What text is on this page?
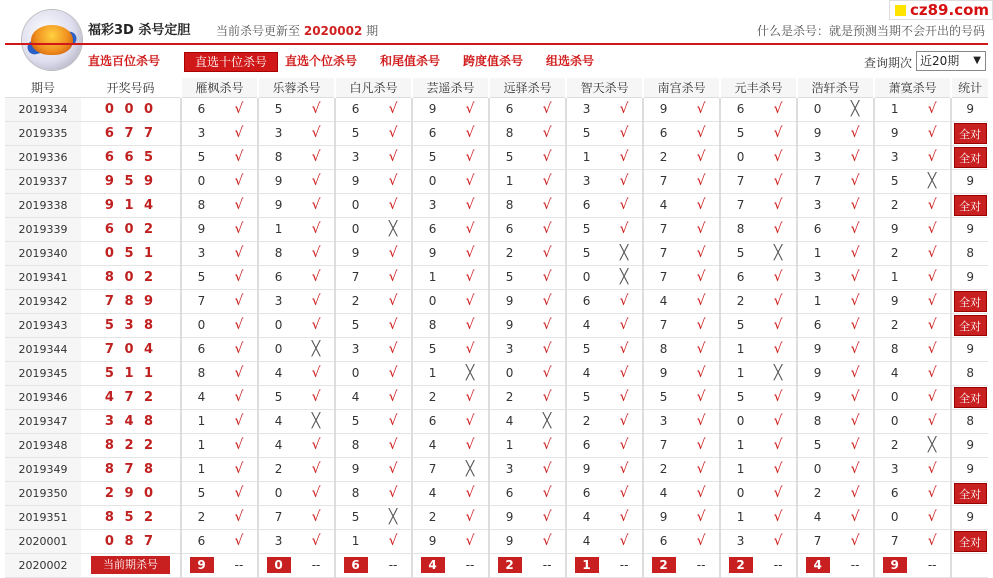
福彩3D 杀号定胆 当前杀号更新至 2020002 期
cz89.com
什么是杀号：就是预测当期不会开出的号码
直选百位杀号	直选十位杀号	直选个位杀号 和尾值杀号 跨度值杀号 组选杀号	查询期次 近20期 ▼
期号	开奖号码	雁枫杀号		乐蓉杀号		白凡杀号		芸遥杀号		远驿杀号		智天杀号		南宫杀号		元丰杀号		浩轩杀号		萧寞杀号		统计
2019334	0 0 0	6	√	5	√	6	√	9	√	6	√	3	√	9	√	6	√	0	╳	1	√	9
2019335	6 7 7	3	√	3	√	5	√	6	√	8	√	5	√	6	√	5	√	9	√	9	√	全对
2019336	6 6 5	5	√	8	√	3	√	5	√	5	√	1	√	2	√	0	√	3	√	3	√	全对
2019337	9 5 9	0	√	9	√	9	√	0	√	1	√	3	√	7	√	7	√	7	√	5	╳	9
2019338	9 1 4	8	√	9	√	0	√	3	√	8	√	6	√	4	√	7	√	3	√	2	√	全对
2019339	6 0 2	9	√	1	√	0	╳	6	√	6	√	5	√	7	√	8	√	6	√	9	√	9
2019340	0 5 1	3	√	8	√	9	√	9	√	2	√	5	╳	7	√	5	╳	1	√	2	√	8
2019341	8 0 2	5	√	6	√	7	√	1	√	5	√	0	╳	7	√	6	√	3	√	1	√	9
2019342	7 8 9	7	√	3	√	2	√	0	√	9	√	6	√	4	√	2	√	1	√	9	√	全对
2019343	5 3 8	0	√	0	√	5	√	8	√	9	√	4	√	7	√	5	√	6	√	2	√	全对
2019344	7 0 4	6	√	0	╳	3	√	5	√	3	√	5	√	8	√	1	√	9	√	8	√	9
2019345	5 1 1	8	√	4	√	0	√	1	╳	0	√	4	√	9	√	1	╳	9	√	4	√	8
2019346	4 7 2	4	√	5	√	4	√	2	√	2	√	5	√	5	√	5	√	9	√	0	√	全对
2019347	3 4 8	1	√	4	╳	5	√	6	√	4	╳	2	√	3	√	0	√	8	√	0	√	8
2019348	8 2 2	1	√	4	√	8	√	4	√	1	√	6	√	7	√	1	√	5	√	2	╳	9
2019349	8 7 8	1	√	2	√	9	√	7	╳	3	√	9	√	2	√	1	√	0	√	3	√	9
2019350	2 9 0	5	√	0	√	8	√	4	√	6	√	6	√	4	√	0	√	2	√	6	√	全对
2019351	8 5 2	2	√	7	√	5	╳	2	√	9	√	4	√	9	√	1	√	4	√	0	√	9
2020001	0 8 7	6	√	3	√	1	√	9	√	9	√	4	√	6	√	3	√	7	√	7	√	全对
2020002	当前期杀号	9	--	0	--	6	--	4	--	2	--	1	--	2	--	2	--	4	--	9	--	
